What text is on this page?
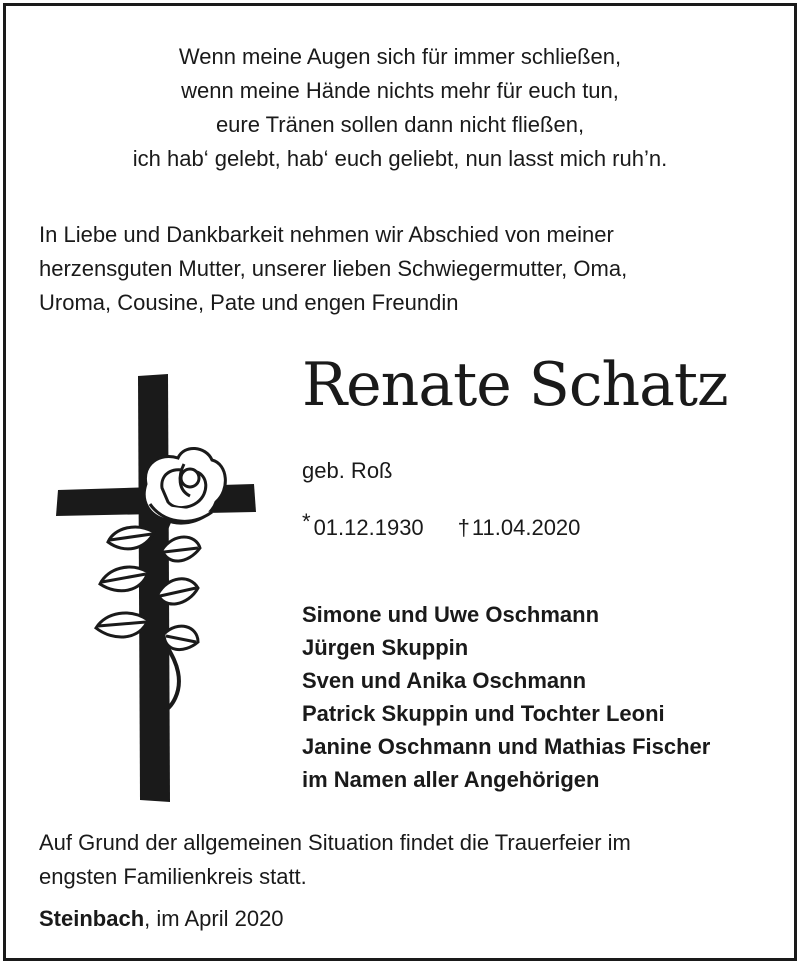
Wenn meine Augen sich für immer schließen,
wenn meine Hände nichts mehr für euch tun,
eure Tränen sollen dann nicht fließen,
ich hab‘ gelebt, hab‘ euch geliebt, nun lasst mich ruh’n.
In Liebe und Dankbarkeit nehmen wir Abschied von meiner
herzensguten Mutter, unserer lieben Schwiegermutter, Oma,
Uroma, Cousine, Pate und engen Freundin
Renate Schatz
geb. Roß
* 01.12.1930 †11.04.2020
Simone und Uwe Oschmann
Jürgen Skuppin
Sven und Anika Oschmann
Patrick Skuppin und Tochter Leoni
Janine Oschmann und Mathias Fischer
im Namen aller Angehörigen
Auf Grund der allgemeinen Situation findet die Trauerfeier im
engsten Familienkreis statt.
Steinbach, im April 2020
